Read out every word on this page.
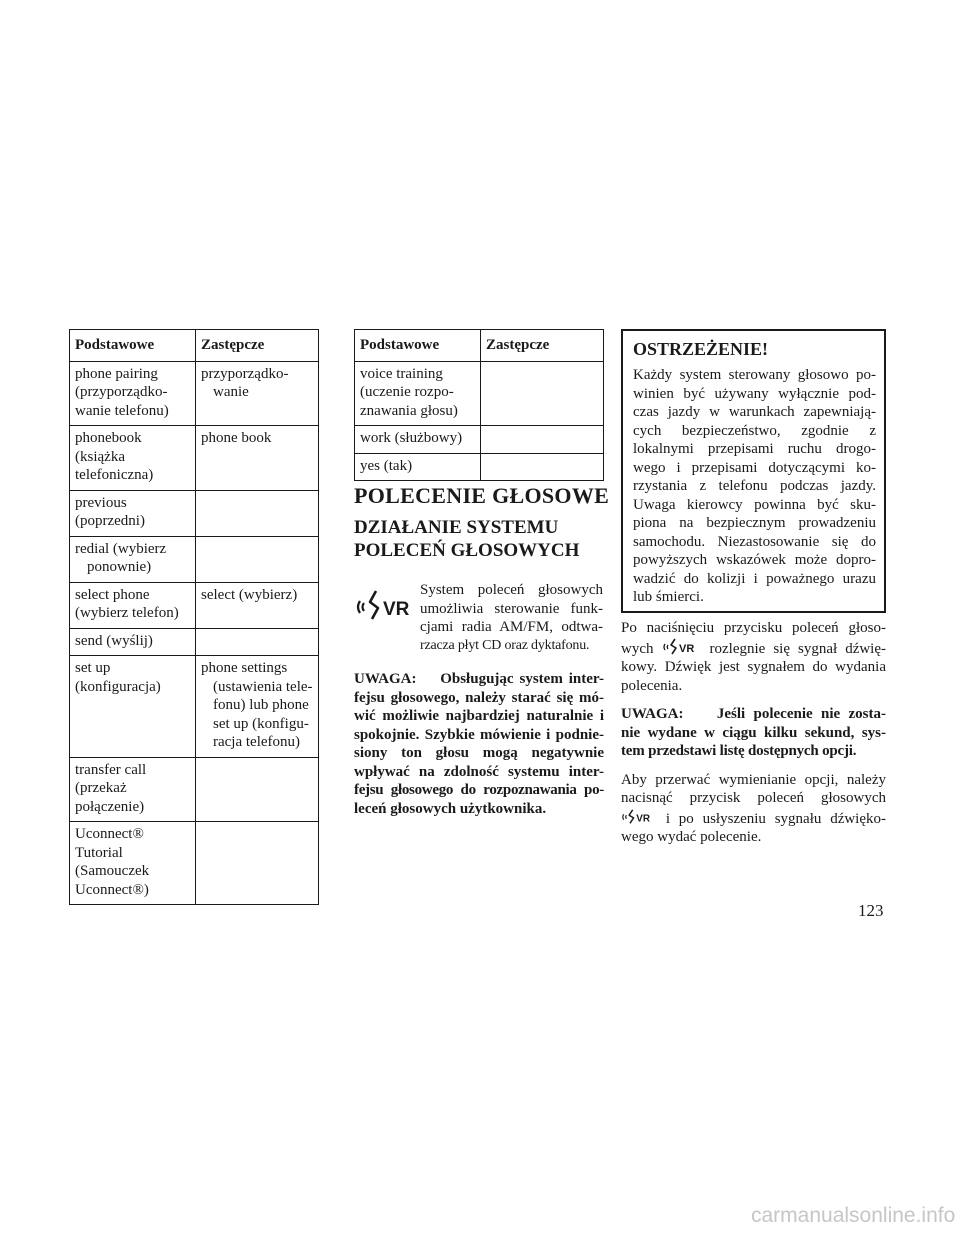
Podstawowe	Zastępcze

phone pairing
(przyporządko-
wanie telefonu)	przyporządko-
wanie

phonebook
(książka
telefoniczna)	phone book

previous
(poprzedni)	

redial (wybierz
ponownie)	

select phone
(wybierz telefon)	select (wybierz)

send (wyślij)	

set up
(konfiguracja)	phone settings
(ustawienia tele-
fonu) lub phone
set up (konfigu-
racja telefonu)

transfer call
(przekaż
połączenie)	

Uconnect®
Tutorial
(Samouczek
Uconnect®)	

Podstawowe	Zastępcze

voice training
(uczenie rozpo-
znawania głosu)	

work (służbowy)	

yes (tak)	

POLECENIE GŁOSOWE

DZIAŁANIE SYSTEMU

POLECEŃ GŁOSOWYCH

VR

System poleceń głosowych

umożliwia sterowanie funk-

cjami radia AM/FM, odtwa-

rzacza płyt CD oraz dyktafonu.

UWAGA:    Obsługując system inter-

fejsu głosowego, należy starać się mó-

wić możliwie najbardziej naturalnie i

spokojnie. Szybkie mówienie i podnie-

siony ton głosu mogą negatywnie

wpływać na zdolność systemu inter-

fejsu głosowego do rozpoznawania po-

leceń głosowych użytkownika.

OSTRZEŻENIE!

Każdy system sterowany głosowo po-

winien być używany wyłącznie pod-

czas jazdy w warunkach zapewniają-

cych bezpieczeństwo, zgodnie z

lokalnymi przepisami ruchu drogo-

wego i przepisami dotyczącymi ko-

rzystania z telefonu podczas jazdy.

Uwaga kierowcy powinna być sku-

piona na bezpiecznym prowadzeniu

samochodu. Niezastosowanie się do

powyższych wskazówek może dopro-

wadzić do kolizji i poważnego urazu

lub śmierci.

Po naciśnięciu przycisku poleceń głoso-

wych VR rozlegnie się sygnał dźwię-

kowy. Dźwięk jest sygnałem do wydania

polecenia.

UWAGA:    Jeśli polecenie nie zosta-

nie wydane w ciągu kilku sekund, sys-

tem przedstawi listę dostępnych opcji.

Aby przerwać wymienianie opcji, należy

nacisnąć przycisk poleceń głosowych

VR i po usłyszeniu sygnału dźwięko-

wego wydać polecenie.

123
carmanualsonline.info
